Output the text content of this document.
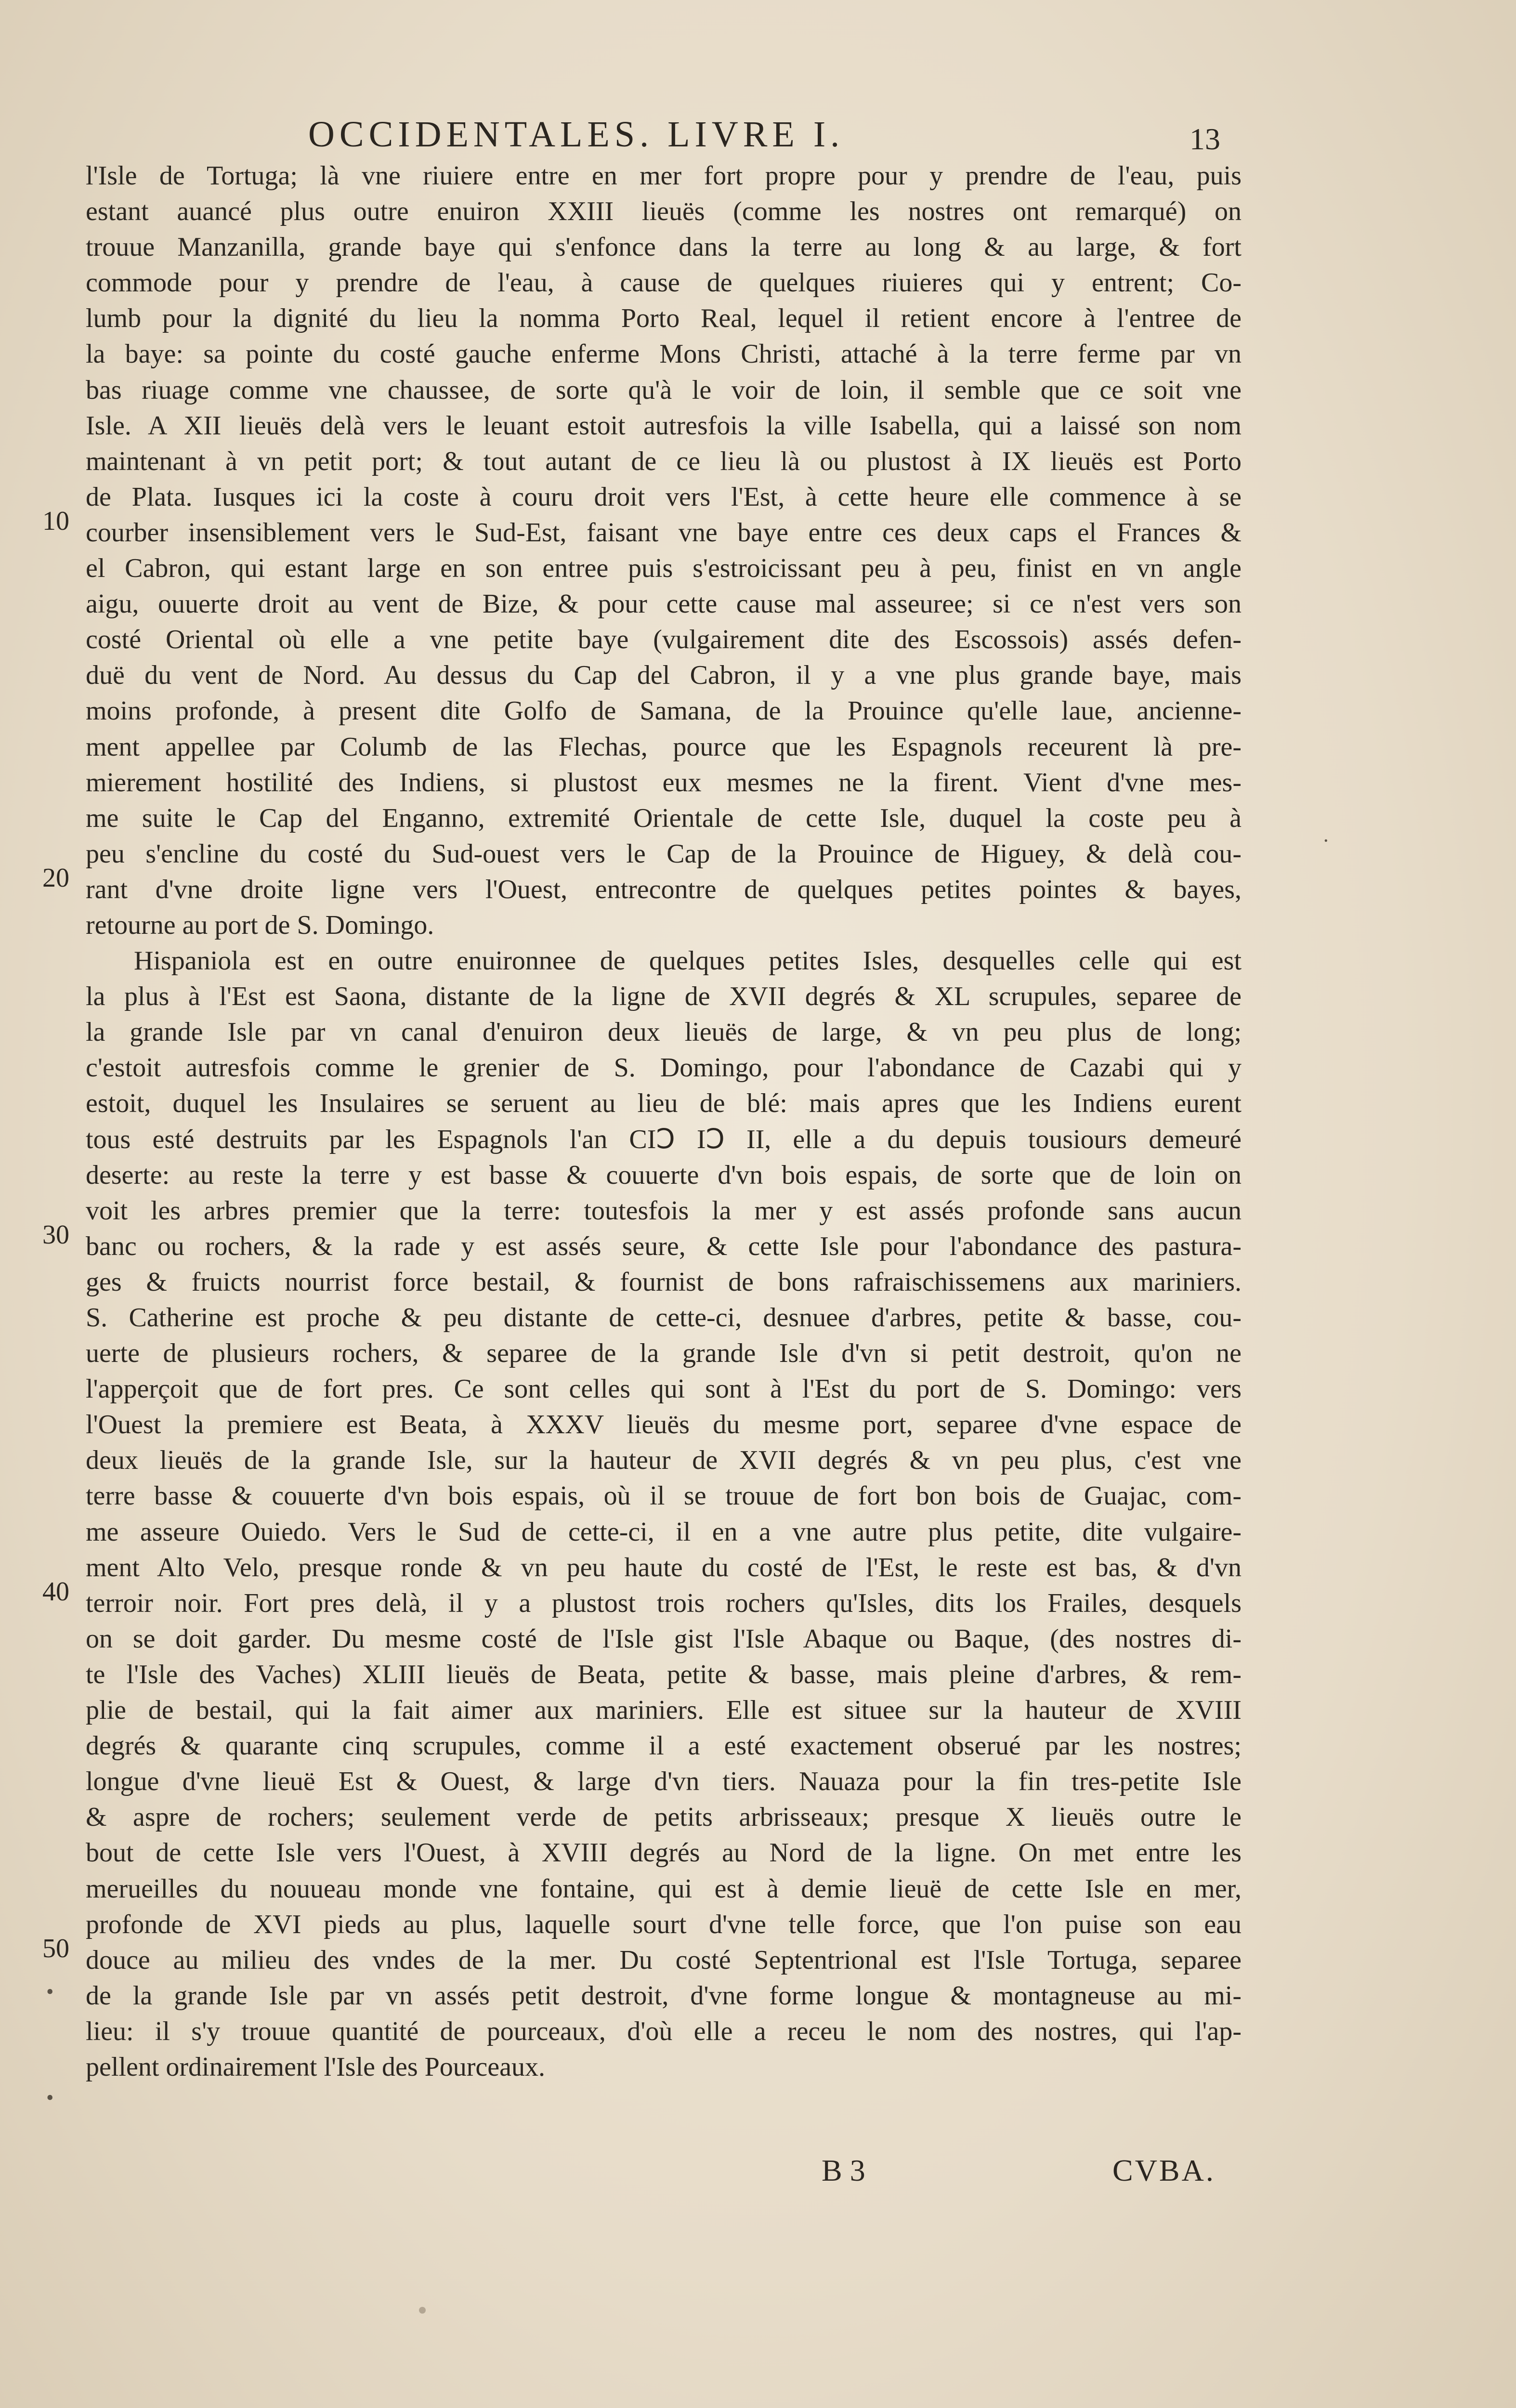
OCCIDENTALES. LIVRE I.	13
10
20
30
40
50
l'Isle de Tortuga; là vne riuiere entre en mer fort propre pour y prendre de l'eau, puis
estant auancé plus outre enuiron XXIII lieuës (comme les nostres ont remarqué) on
trouue Manzanilla, grande baye qui s'enfonce dans la terre au long & au large, & fort
commode pour y prendre de l'eau, à cause de quelques riuieres qui y entrent; Co-
lumb pour la dignité du lieu la nomma Porto Real, lequel il retient encore à l'entree de
la baye: sa pointe du costé gauche enferme Mons Christi, attaché à la terre ferme par vn
bas riuage comme vne chaussee, de sorte qu'à le voir de loin, il semble que ce soit vne
Isle. A XII lieuës delà vers le leuant estoit autresfois la ville Isabella, qui a laissé son nom
maintenant à vn petit port; & tout autant de ce lieu là ou plustost à IX lieuës est Porto
de Plata. Iusques ici la coste à couru droit vers l'Est, à cette heure elle commence à se
courber insensiblement vers le Sud-Est, faisant vne baye entre ces deux caps el Frances &
el Cabron, qui estant large en son entree puis s'estroicissant peu à peu, finist en vn angle
aigu, ouuerte droit au vent de Bize, & pour cette cause mal asseuree; si ce n'est vers son
costé Oriental où elle a vne petite baye (vulgairement dite des Escossois) assés defen-
duë du vent de Nord. Au dessus du Cap del Cabron, il y a vne plus grande baye, mais
moins profonde, à present dite Golfo de Samana, de la Prouince qu'elle laue, ancienne-
ment appellee par Columb de las Flechas, pource que les Espagnols receurent là pre-
mierement hostilité des Indiens, si plustost eux mesmes ne la firent. Vient d'vne mes-
me suite le Cap del Enganno, extremité Orientale de cette Isle, duquel la coste peu à
peu s'encline du costé du Sud-ouest vers le Cap de la Prouince de Higuey, & delà cou-
rant d'vne droite ligne vers l'Ouest, entrecontre de quelques petites pointes & bayes,
retourne au port de S. Domingo.
Hispaniola est en outre enuironnee de quelques petites Isles, desquelles celle qui est
la plus à l'Est est Saona, distante de la ligne de XVII degrés & XL scrupules, separee de
la grande Isle par vn canal d'enuiron deux lieuës de large, & vn peu plus de long;
c'estoit autresfois comme le grenier de S. Domingo, pour l'abondance de Cazabi qui y
estoit, duquel les Insulaires se seruent au lieu de blé: mais apres que les Indiens eurent
tous esté destruits par les Espagnols l'an CIↃ IↃ II, elle a du depuis tousiours demeuré
deserte: au reste la terre y est basse & couuerte d'vn bois espais, de sorte que de loin on
voit les arbres premier que la terre: toutesfois la mer y est assés profonde sans aucun
banc ou rochers, & la rade y est assés seure, & cette Isle pour l'abondance des pastura-
ges & fruicts nourrist force bestail, & fournist de bons rafraischissemens aux mariniers.
S. Catherine est proche & peu distante de cette-ci, desnuee d'arbres, petite & basse, cou-
uerte de plusieurs rochers, & separee de la grande Isle d'vn si petit destroit, qu'on ne
l'apperçoit que de fort pres. Ce sont celles qui sont à l'Est du port de S. Domingo: vers
l'Ouest la premiere est Beata, à XXXV lieuës du mesme port, separee d'vne espace de
deux lieuës de la grande Isle, sur la hauteur de XVII degrés & vn peu plus, c'est vne
terre basse & couuerte d'vn bois espais, où il se trouue de fort bon bois de Guajac, com-
me asseure Ouiedo. Vers le Sud de cette-ci, il en a vne autre plus petite, dite vulgaire-
ment Alto Velo, presque ronde & vn peu haute du costé de l'Est, le reste est bas, & d'vn
terroir noir. Fort pres delà, il y a plustost trois rochers qu'Isles, dits los Frailes, desquels
on se doit garder. Du mesme costé de l'Isle gist l'Isle Abaque ou Baque, (des nostres di-
te l'Isle des Vaches) XLIII lieuës de Beata, petite & basse, mais pleine d'arbres, & rem-
plie de bestail, qui la fait aimer aux mariniers. Elle est situee sur la hauteur de XVIII
degrés & quarante cinq scrupules, comme il a esté exactement obserué par les nostres;
longue d'vne lieuë Est & Ouest, & large d'vn tiers. Nauaza pour la fin tres-petite Isle
& aspre de rochers; seulement verde de petits arbrisseaux; presque X lieuës outre le
bout de cette Isle vers l'Ouest, à XVIII degrés au Nord de la ligne. On met entre les
merueilles du nouueau monde vne fontaine, qui est à demie lieuë de cette Isle en mer,
profonde de XVI pieds au plus, laquelle sourt d'vne telle force, que l'on puise son eau
douce au milieu des vndes de la mer. Du costé Septentrional est l'Isle Tortuga, separee
de la grande Isle par vn assés petit destroit, d'vne forme longue & montagneuse au mi-
lieu: il s'y trouue quantité de pourceaux, d'où elle a receu le nom des nostres, qui l'ap-
pellent ordinairement l'Isle des Pourceaux.
B 3	CVBA.
·
•
•
